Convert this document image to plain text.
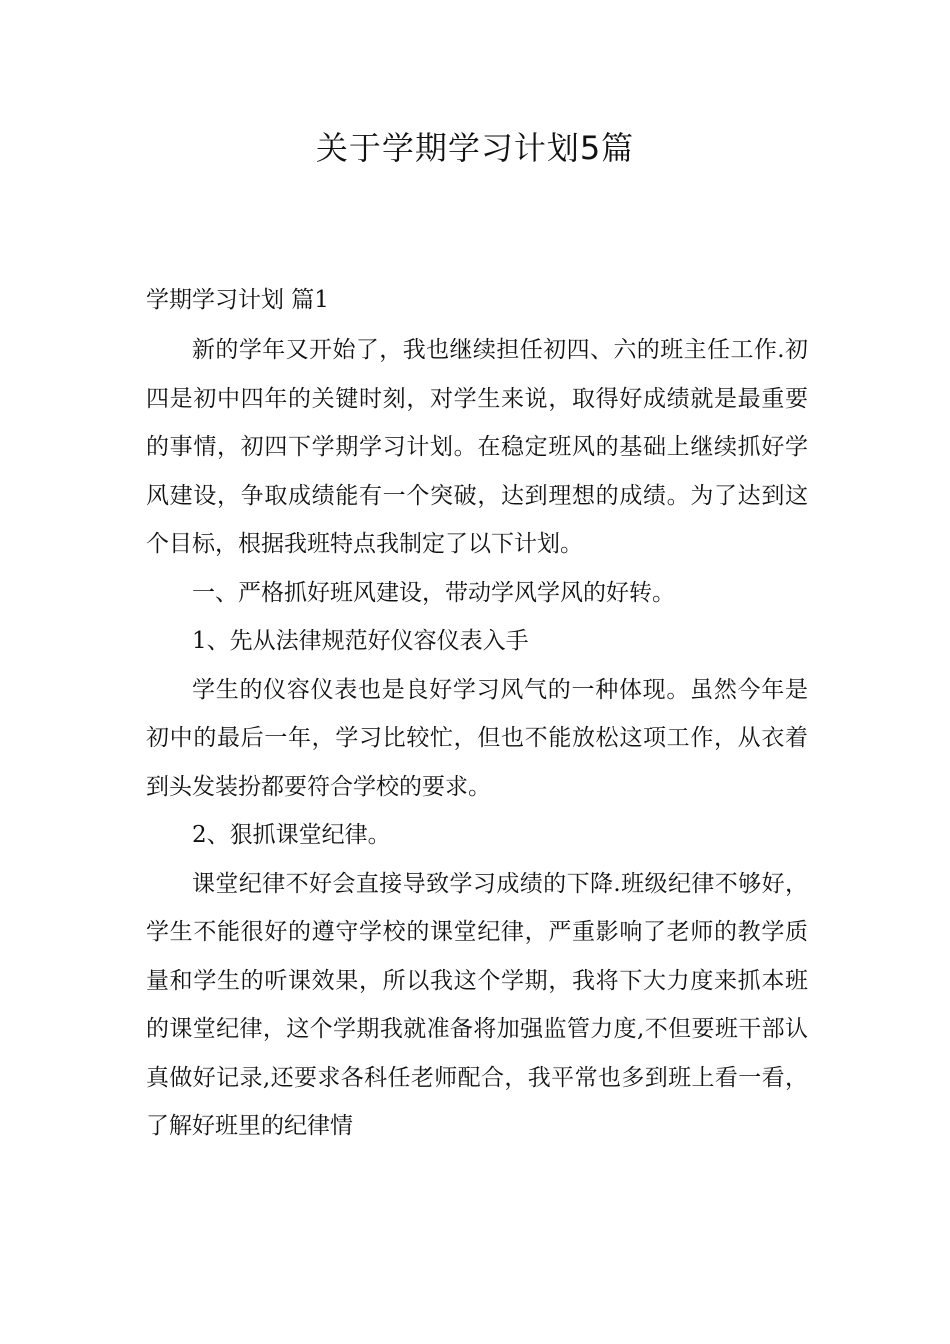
关于学期学习计划5篇
学期学习计划 篇1

新的学年又开始了，我也继续担任初四、六的班主任工作.初四是初中四年的关键时刻，对学生来说，取得好成绩就是最重要的事情，初四下学期学习计划。在稳定班风的基础上继续抓好学风建设，争取成绩能有一个突破，达到理想的成绩。为了达到这个目标，根据我班特点我制定了以下计划。

一、严格抓好班风建设，带动学风学风的好转。

1、先从法律规范好仪容仪表入手

学生的仪容仪表也是良好学习风气的一种体现。虽然今年是初中的最后一年，学习比较忙，但也不能放松这项工作，从衣着到头发装扮都要符合学校的要求。

2、狠抓课堂纪律。

课堂纪律不好会直接导致学习成绩的下降.班级纪律不够好，学生不能很好的遵守学校的课堂纪律，严重影响了老师的教学质量和学生的听课效果，所以我这个学期，我将下大力度来抓本班的课堂纪律，这个学期我就准备将加强监管力度,不但要班干部认真做好记录,还要求各科任老师配合，我平常也多到班上看一看，了解好班里的纪律情
